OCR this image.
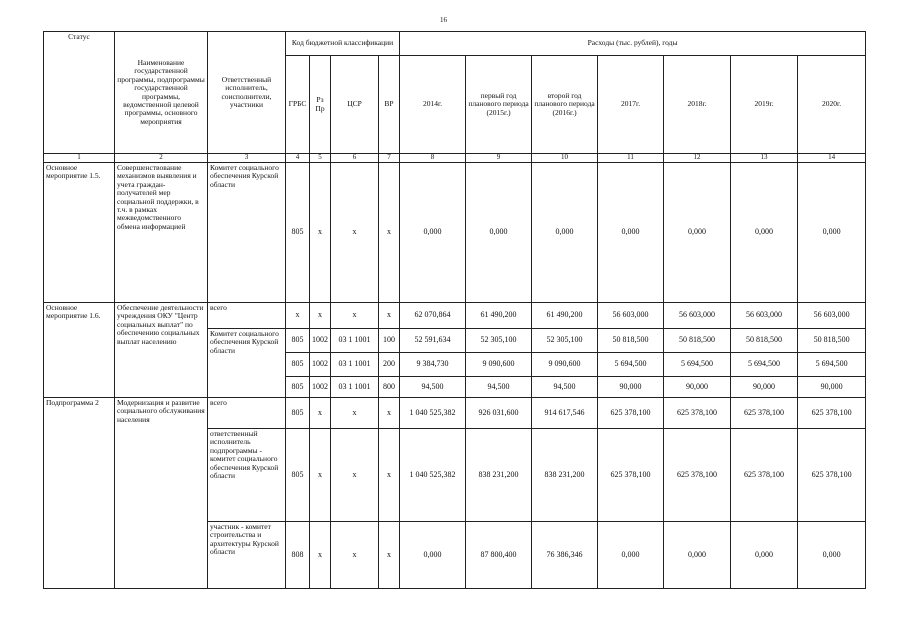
16
Статус	Наименование государственной программы, подпрограммы государственной программы, ведомственной целевой программы, основного мероприятия	Ответственный исполнитель, соисполнители, участники	Код бюджетной классификации				Расходы (тыс. рублей), годы						
			ГРБС	Рз Пр	ЦСР	ВР	2014г.	первый год планового периода (2015г.)	второй год планового периода (2016г.)	2017г.	2018г.	2019г.	2020г.
1	2	3	4	5	6	7	8	9	10	11	12	13	14
Основное мероприятие 1.5.	Совершенствование механизмов выявления и учета граждан-получателей мер социальной поддержки, в т.ч. в рамках межведомственного обмена информацией	Комитет социального обеспечения Курской области	805	х	х	х	0,000	0,000	0,000	0,000	0,000	0,000	0,000
Основное мероприятие 1.6.	Обеспечение деятельности учреждения ОКУ "Центр социальных выплат" по обеспечению социальных выплат населению	всего	х	х	х	х	62 070,864	61 490,200	61 490,200	56 603,000	56 603,000	56 603,000	56 603,000
		Комитет социального обеспечения Курской области	805	1002	03 1 1001	100	52 591,634	52 305,100	52 305,100	50 818,500	50 818,500	50 818,500	50 818,500
			805	1002	03 1 1001	200	9 384,730	9 090,600	9 090,600	5 694,500	5 694,500	5 694,500	5 694,500
			805	1002	03 1 1001	800	94,500	94,500	94,500	90,000	90,000	90,000	90,000
Подпрограмма 2	Модернизация и развитие социального обслуживания населения	всего	805	х	х	х	1 040 525,382	926 031,600	914 617,546	625 378,100	625 378,100	625 378,100	625 378,100
		ответственный исполнитель подпрограммы - комитет социального обеспечения Курской области	805	х	х	х	1 040 525,382	838 231,200	838 231,200	625 378,100	625 378,100	625 378,100	625 378,100
		участник - комитет строительства и архитектуры Курской области	808	х	х	х	0,000	87 800,400	76 386,346	0,000	0,000	0,000	0,000
